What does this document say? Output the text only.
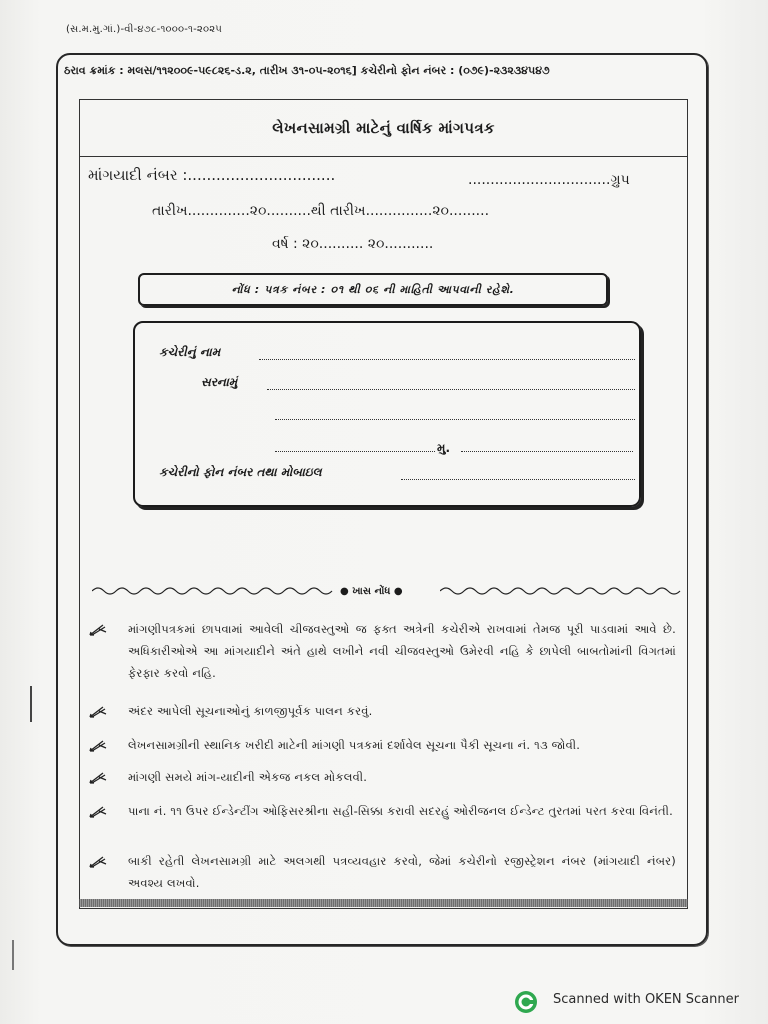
(સ.મ.મુ.ગાં.)-વી-૪૭૮-૧૦૦૦-૧-૨૦૨૫
ઠરાવ ક્રમાંક : મલસ/૧૧૨૦૦૯-૫૯૮૨૬-ડ.૨, તારીખ ૩૧-૦૫-૨૦૧૬] કચેરીનો ફોન નંબર : (૦૭૯)-૨૩૨૩૪૫૪૭
લેખનસામગ્રી માટેનું વાર્ષિક માંગપત્રક
માંગયાદી નંબર :...............................	................................ગ્રુપ
તારીખ..............૨૦..........થી તારીખ...............૨૦.........
વર્ષ : ૨૦.......... ૨૦...........
નોંધ : પત્રક નંબર : ૦૧ થી ૦૬ ની માહિતી આપવાની રહેશે.
કચેરીનું નામ
સરનામું
મુ.
કચેરીનો ફોન નંબર તથા મોબાઇલ
● ખાસ નોંધ ●
માંગણીપત્રકમાં છાપવામાં આવેલી ચીજવસ્તુઓ જ ફક્ત અત્રેની કચેરીએ રાખવામાં તેમજ પૂરી પાડવામાં આવે છે. અધિકારીઓએ આ માંગયાદીને અંતે હાથે લખીને નવી ચીજવસ્તુઓ ઉમેરવી નહિ કે છાપેલી બાબતોમાંની વિગતમાં ફેરફાર કરવો નહિ.
અંદર આપેલી સૂચનાઓનું કાળજીપૂર્વક પાલન કરવું.
લેખનસામગ્રીની સ્થાનિક ખરીદી માટેની માંગણી પત્રકમાં દર્શાવેલ સૂચના પૈકી સૂચના નં. ૧૩ જોવી.
માંગણી સમયે માંગ-યાદીની એકજ નકલ મોકલવી.
પાના નં. ૧૧ ઉપર ઈન્ડેન્ટીંગ ઓફિસરશ્રીના સહી-સિક્કા કરાવી સદરહું ઓરીજનલ ઈન્ડેન્ટ તુરતમાં પરત કરવા વિનંતી.
બાકી રહેતી લેખનસામગ્રી માટે અલગથી પત્રવ્યવહાર કરવો, જેમાં કચેરીનો રજીસ્ટ્રેશન નંબર (માંગયાદી નંબર) અવશ્ય લખવો.
Scanned with OKEN Scanner
